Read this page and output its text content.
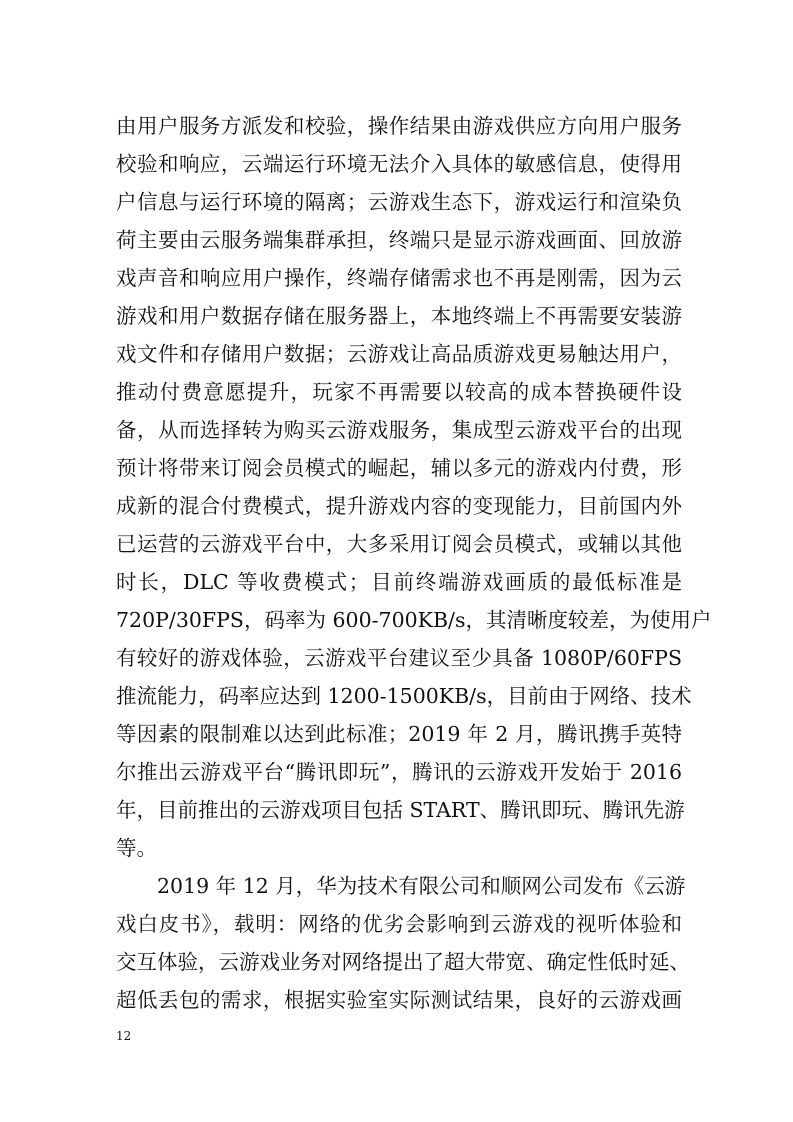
由用户服务方派发和校验，操作结果由游戏供应方向用户服务
校验和响应，云端运行环境无法介入具体的敏感信息，使得用
户信息与运行环境的隔离；云游戏生态下，游戏运行和渲染负
荷主要由云服务端集群承担，终端只是显示游戏画面、回放游
戏声音和响应用户操作，终端存储需求也不再是刚需，因为云
游戏和用户数据存储在服务器上，本地终端上不再需要安装游
戏文件和存储用户数据；云游戏让高品质游戏更易触达用户，
推动付费意愿提升，玩家不再需要以较高的成本替换硬件设
备，从而选择转为购买云游戏服务，集成型云游戏平台的出现
预计将带来订阅会员模式的崛起，辅以多元的游戏内付费，形
成新的混合付费模式，提升游戏内容的变现能力，目前国内外
已运营的云游戏平台中，大多采用订阅会员模式，或辅以其他
时长，DLC 等收费模式；目前终端游戏画质的最低标准是
720P/30FPS，码率为 600-700KB/s，其清晰度较差，为使用户
有较好的游戏体验，云游戏平台建议至少具备 1080P/60FPS
推流能力，码率应达到 1200-1500KB/s，目前由于网络、技术
等因素的限制难以达到此标准；2019 年 2 月，腾讯携手英特
尔推出云游戏平台“腾讯即玩”，腾讯的云游戏开发始于 2016
年，目前推出的云游戏项目包括 START、腾讯即玩、腾讯先游
等。
2019 年 12 月，华为技术有限公司和顺网公司发布《云游
戏白皮书》，载明：网络的优劣会影响到云游戏的视听体验和
交互体验，云游戏业务对网络提出了超大带宽、确定性低时延、
超低丢包的需求，根据实验室实际测试结果，良好的云游戏画
12
